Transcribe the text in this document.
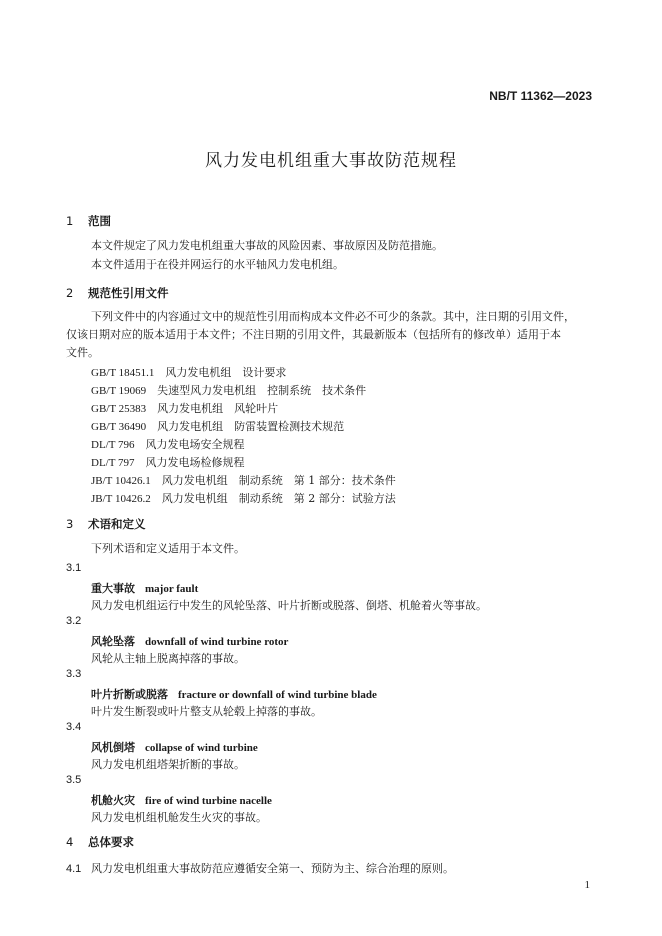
NB/T 11362—2023
风力发电机组重大事故防范规程
1 范围
本文件规定了风力发电机组重大事故的风险因素、事故原因及防范措施。
本文件适用于在役并网运行的水平轴风力发电机组。
2 规范性引用文件
下列文件中的内容通过文中的规范性引用而构成本文件必不可少的条款。其中，注日期的引用文件，
仅该日期对应的版本适用于本文件；不注日期的引用文件，其最新版本（包括所有的修改单）适用于本
文件。
GB/T 18451.1　 风力发电机组　设计要求
GB/T 19069　 失速型风力发电机组　控制系统　技术条件
GB/T 25383　 风力发电机组　风轮叶片
GB/T 36490　 风力发电机组　防雷装置检测技术规范
DL/T 796　 风力发电场安全规程
DL/T 797　 风力发电场检修规程
JB/T 10426.1　 风力发电机组　制动系统　第 1 部分：技术条件
JB/T 10426.2　 风力发电机组　制动系统　第 2 部分：试验方法
3 术语和定义
下列术语和定义适用于本文件。
3.1
重大事故 major fault
风力发电机组运行中发生的风轮坠落、叶片折断或脱落、倒塔、机舱着火等事故。
3.2
风轮坠落 downfall of wind turbine rotor
风轮从主轴上脱离掉落的事故。
3.3
叶片折断或脱落 fracture or downfall of wind turbine blade
叶片发生断裂或叶片整支从轮毂上掉落的事故。
3.4
风机倒塔 collapse of wind turbine
风力发电机组塔架折断的事故。
3.5
机舱火灾 fire of wind turbine nacelle
风力发电机组机舱发生火灾的事故。
4 总体要求
4.1 风力发电机组重大事故防范应遵循安全第一、预防为主、综合治理的原则。
1
